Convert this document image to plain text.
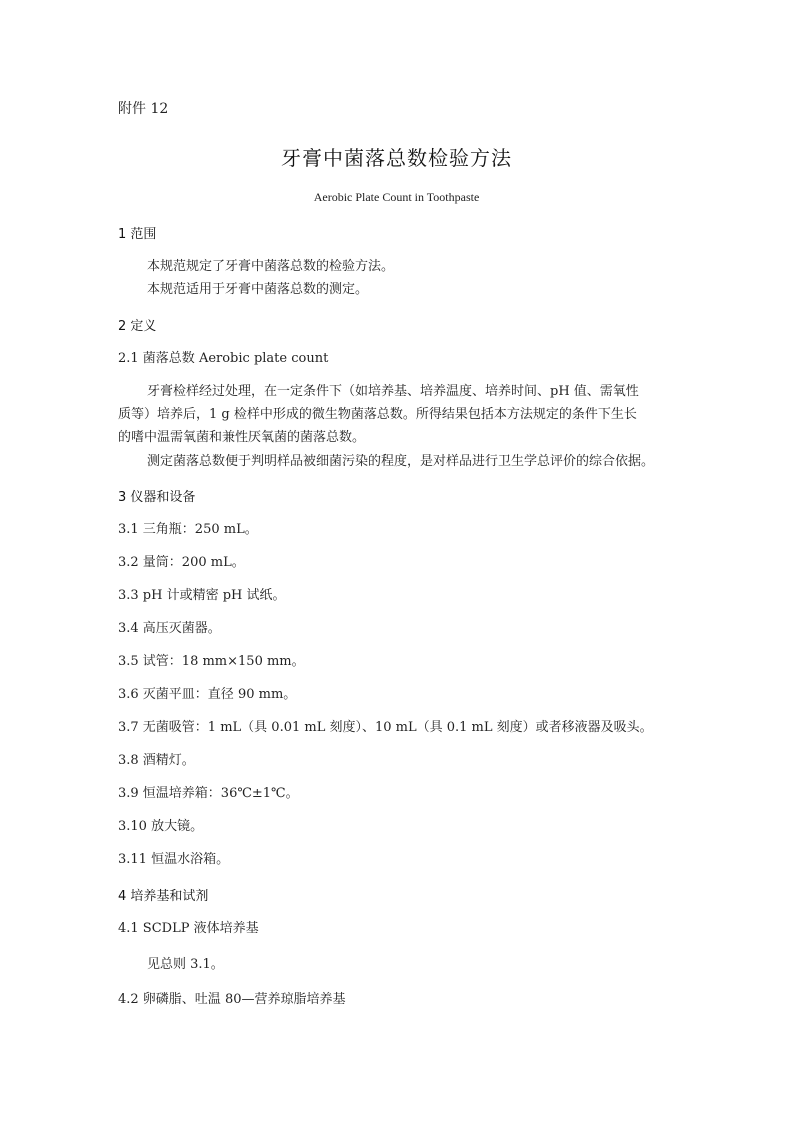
附件 12
牙膏中菌落总数检验方法
Aerobic Plate Count in Toothpaste
1 范围
本规范规定了牙膏中菌落总数的检验方法。
本规范适用于牙膏中菌落总数的测定。
2 定义
2.1 菌落总数 Aerobic plate count
牙膏检样经过处理，在一定条件下（如培养基、培养温度、培养时间、pH 值、需氧性
质等）培养后，1 g 检样中形成的微生物菌落总数。所得结果包括本方法规定的条件下生长
的嗜中温需氧菌和兼性厌氧菌的菌落总数。
测定菌落总数便于判明样品被细菌污染的程度，是对样品进行卫生学总评价的综合依据。
3 仪器和设备
3.1 三角瓶：250 mL。
3.2 量筒：200 mL。
3.3 pH 计或精密 pH 试纸。
3.4 高压灭菌器。
3.5 试管：18 mm×150 mm。
3.6 灭菌平皿：直径 90 mm。
3.7 无菌吸管：1 mL（具 0.01 mL 刻度）、10 mL（具 0.1 mL 刻度）或者移液器及吸头。
3.8 酒精灯。
3.9 恒温培养箱：36℃±1℃。
3.10 放大镜。
3.11 恒温水浴箱。
4 培养基和试剂
4.1 SCDLP 液体培养基
见总则 3.1。
4.2 卵磷脂、吐温 80—营养琼脂培养基
